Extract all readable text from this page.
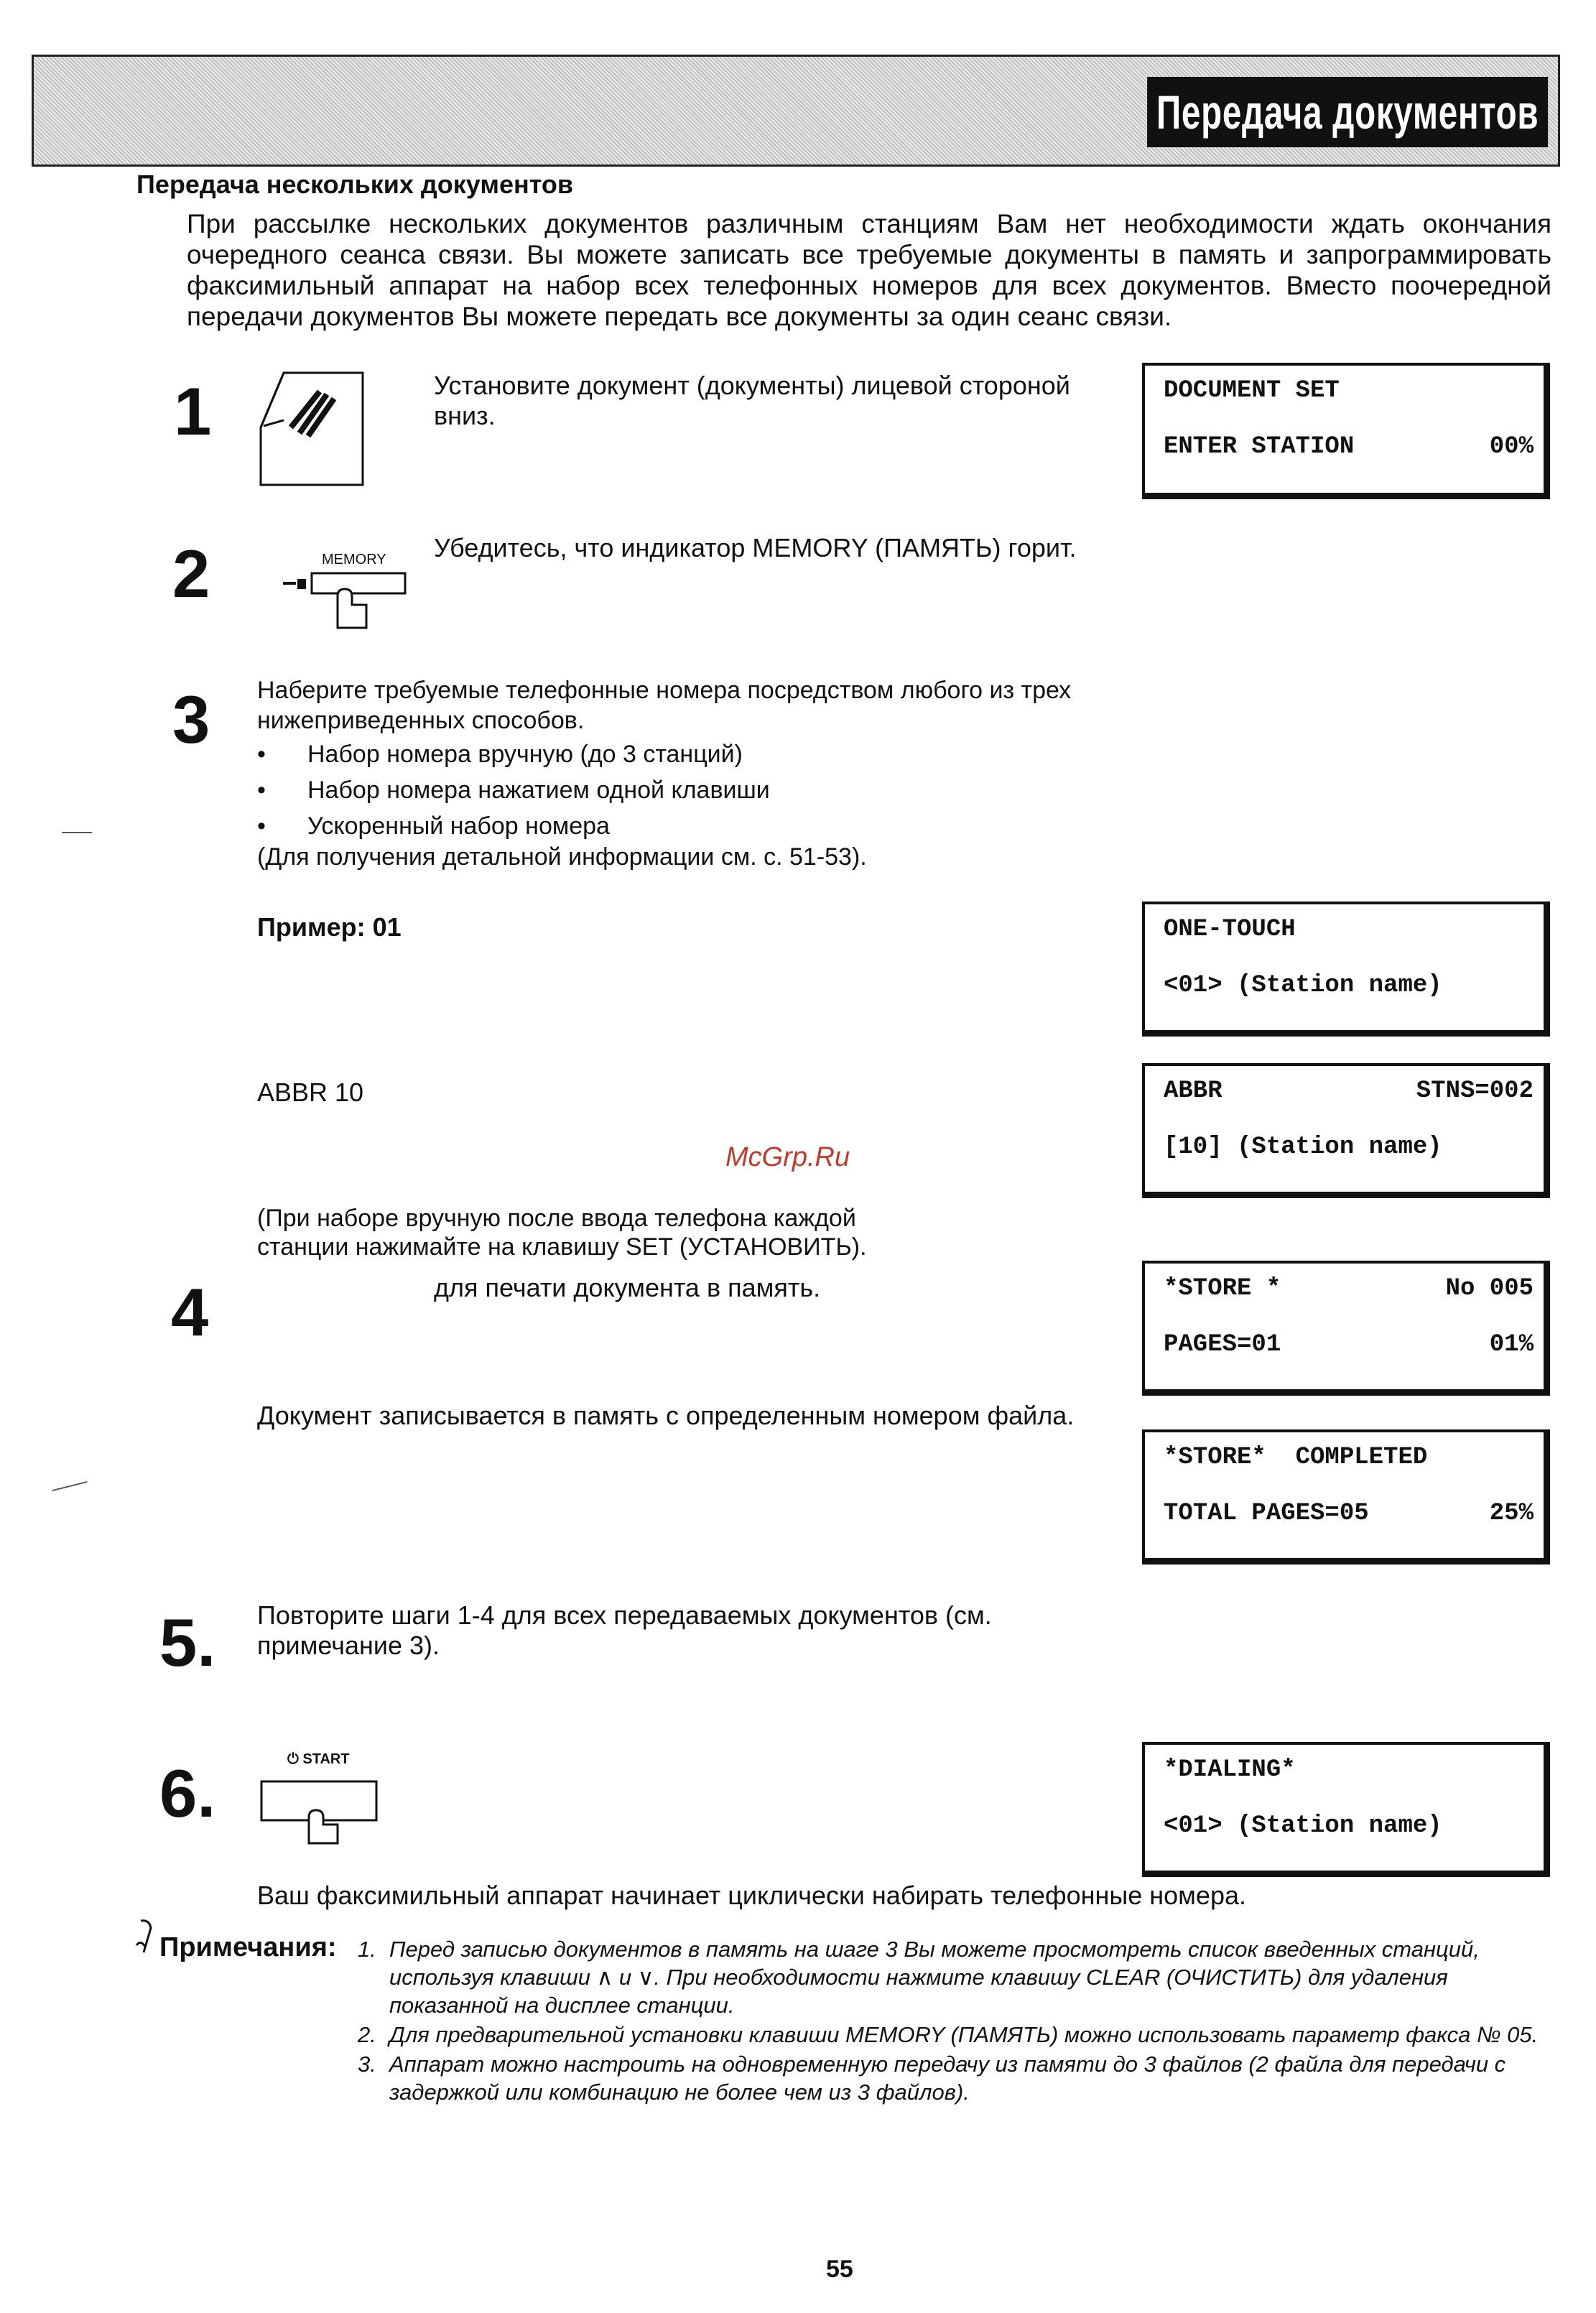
Передача документов
Передача нескольких документов
При рассылке нескольких документов различным станциям Вам нет необходимости ждать окончания очередного сеанса связи. Вы можете записать все требуемые документы в память и запрограммировать факсимильный аппарат на набор всех телефонных номеров для всех документов. Вместо поочередной передачи документов Вы можете передать все документы за один сеанс связи.
1	Установите документ (документы) лицевой стороной вниз.
DOCUMENT SET
ENTER STATION	00%
2	MEMORY Убедитесь, что индикатор MEMORY (ПАМЯТЬ) горит.
3 Наберите требуемые телефонные номера посредством любого из трех нижеприведенных способов.
• Набор номера вручную (до 3 станций)
• Набор номера нажатием одной клавиши
• Ускоренный набор номера
(Для получения детальной информации см. с. 51-53).
Пример: 01	ONE-TOUCH
<01> (Station name)
ABBR 10	ABBR	STNS=002
[10] (Station name)
McGrp.Ru
(При наборе вручную после ввода телефона каждой станции нажимайте на клавишу SET (УСТАНОВИТЬ).
4	для печати документа в память.	*STORE *	No 005
PAGES=01	01%
Документ записывается в память с определенным номером файла.
*STORE*  COMPLETED
TOTAL PAGES=05	25%
5. Повторите шаги 1-4 для всех передаваемых документов (см. примечание 3).
6.	⏻ START	*DIALING*
<01> (Station name)
Ваш факсимильный аппарат начинает циклически набирать телефонные номера.
Примечания: 1. Перед записью документов в память на шаге 3 Вы можете просмотреть список введенных станций, используя клавиши ∧ и ∨. При необходимости нажмите клавишу CLEAR (ОЧИСТИТЬ) для удаления показанной на дисплее станции.
2. Для предварительной установки клавиши MEMORY (ПАМЯТЬ) можно использовать параметр факса № 05.
3. Аппарат можно настроить на одновременную передачу из памяти до 3 файлов (2 файла для передачи с задержкой или комбинацию не более чем из 3 файлов).
55
